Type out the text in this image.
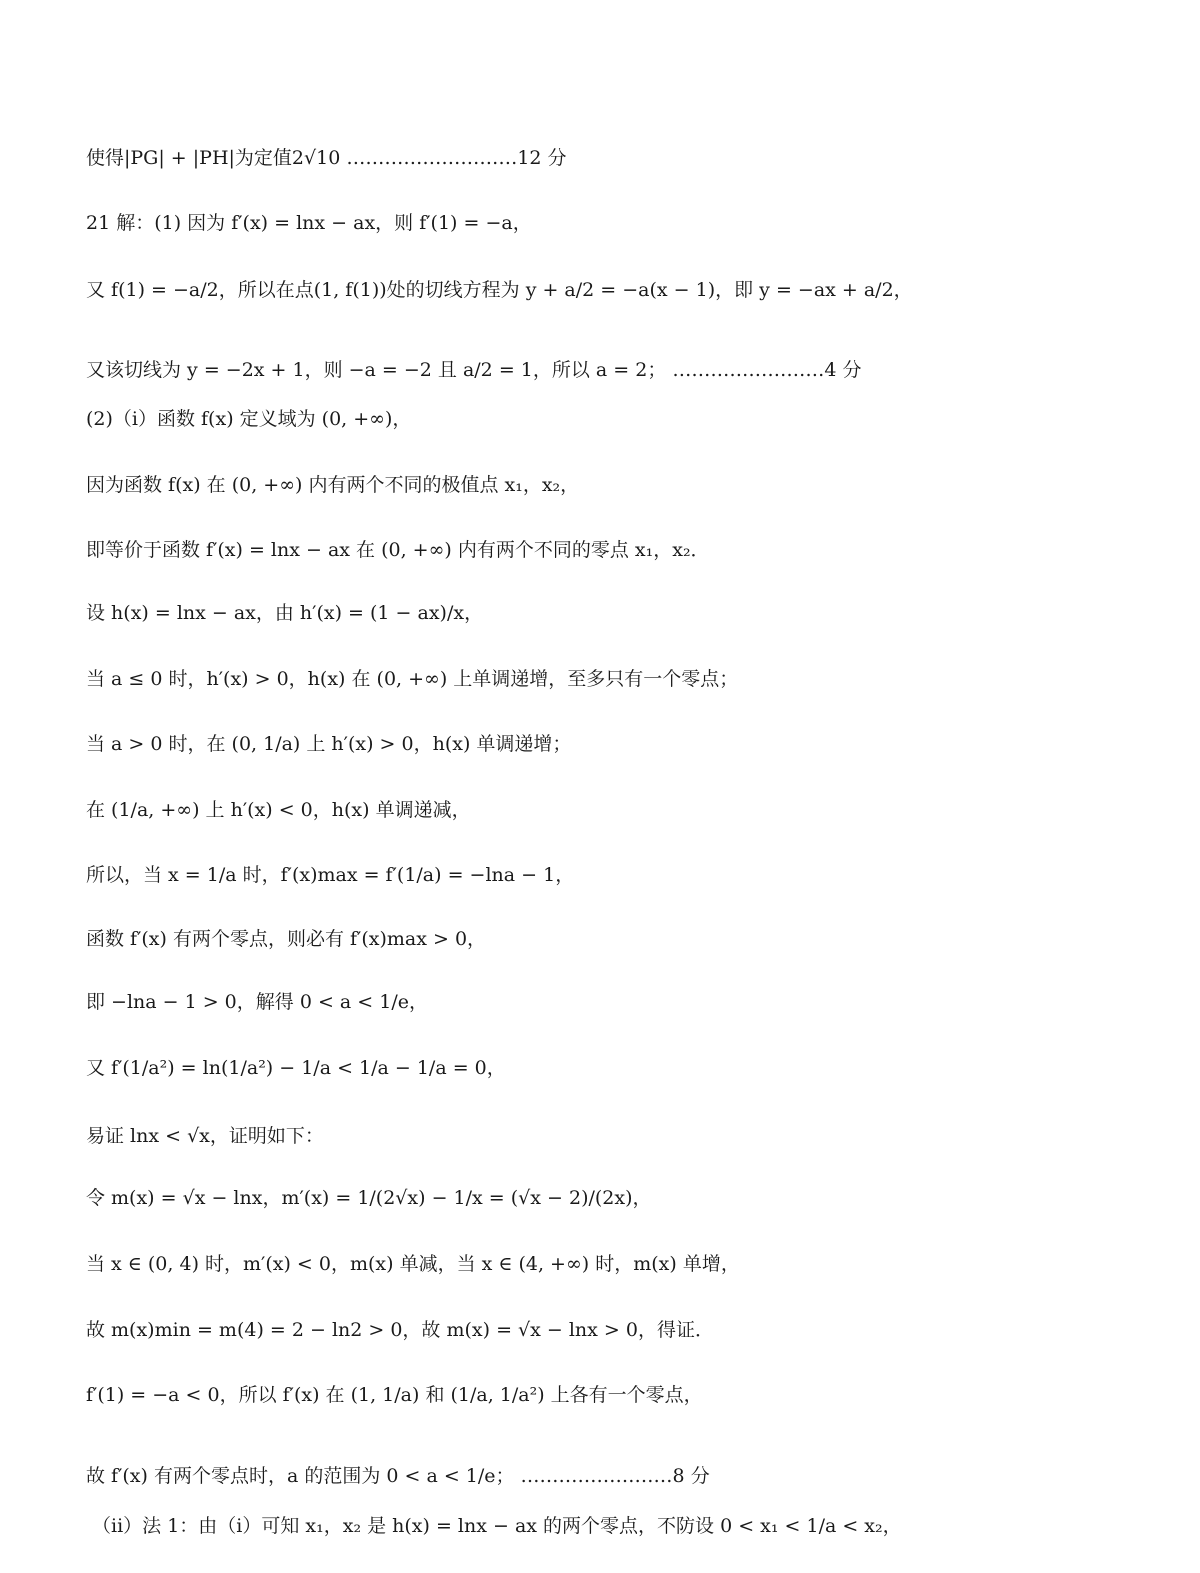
使得|PG| + |PH|为定值2√10 ………………………12 分
21 解：(1) 因为 f′(x) = lnx − ax，则 f′(1) = −a，
又 f(1) = −a/2，所以在点(1, f(1))处的切线方程为 y + a/2 = −a(x − 1)，即 y = −ax + a/2，
又该切线为 y = −2x + 1，则 −a = −2 且 a/2 = 1，所以 a = 2； ……………………4 分
(2)（i）函数 f(x) 定义域为 (0, +∞)，
因为函数 f(x) 在 (0, +∞) 内有两个不同的极值点 x₁，x₂，
即等价于函数 f′(x) = lnx − ax 在 (0, +∞) 内有两个不同的零点 x₁，x₂．
设 h(x) = lnx − ax，由 h′(x) = (1 − ax)/x，
当 a ≤ 0 时，h′(x) > 0，h(x) 在 (0, +∞) 上单调递增，至多只有一个零点；
当 a > 0 时，在 (0, 1/a) 上 h′(x) > 0，h(x) 单调递增；
在 (1/a, +∞) 上 h′(x) < 0，h(x) 单调递减，
所以，当 x = 1/a 时，f′(x)max = f′(1/a) = −lna − 1，
函数 f′(x) 有两个零点，则必有 f′(x)max > 0，
即 −lna − 1 > 0，解得 0 < a < 1/e，
又 f′(1/a²) = ln(1/a²) − 1/a < 1/a − 1/a = 0，
易证 lnx < √x，证明如下：
令 m(x) = √x − lnx，m′(x) = 1/(2√x) − 1/x = (√x − 2)/(2x)，
当 x ∈ (0, 4) 时，m′(x) < 0，m(x) 单减，当 x ∈ (4, +∞) 时，m(x) 单增，
故 m(x)min = m(4) = 2 − ln2 > 0，故 m(x) = √x − lnx > 0，得证．
f′(1) = −a < 0，所以 f′(x) 在 (1, 1/a) 和 (1/a, 1/a²) 上各有一个零点，
故 f′(x) 有两个零点时，a 的范围为 0 < a < 1/e； ……………………8 分
（ii）法 1：由（i）可知 x₁，x₂ 是 h(x) = lnx − ax 的两个零点，不防设 0 < x₁ < 1/a < x₂，
